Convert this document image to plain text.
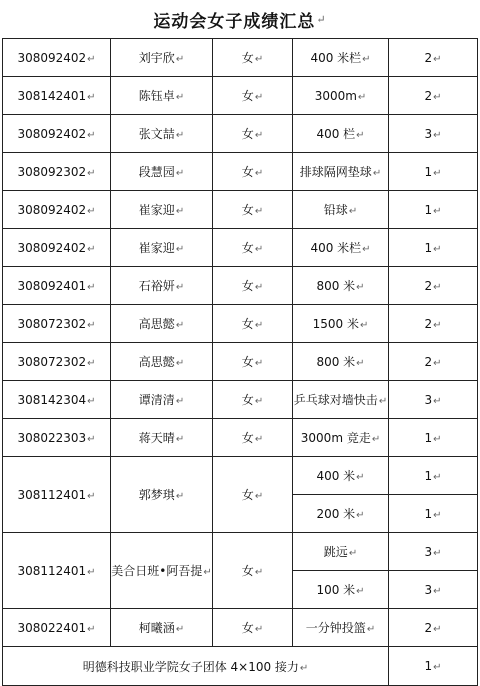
运动会女子成绩汇总 ↵
308092402↵	刘宇欣↵	女↵	400 米栏↵	2↵
308142401↵	陈钰卓↵	女↵	3000m↵	2↵
308092402↵	张文喆↵	女↵	400 栏↵	3↵
308092302↵	段慧园↵	女↵	排球隔网垫球↵	1↵
308092402↵	崔家迎↵	女↵	铅球↵	1↵
308092402↵	崔家迎↵	女↵	400 米栏↵	1↵
308092401↵	石裕妍↵	女↵	800 米↵	2↵
308072302↵	高思懿↵	女↵	1500 米↵	2↵
308072302↵	高思懿↵	女↵	800 米↵	2↵
308142304↵	谭清清↵	女↵	乒乓球对墙快击↵	3↵
308022303↵	蒋天晴↵	女↵	3000m 竞走↵	1↵
308112401↵	郭梦琪↵	女↵	400 米↵	1↵
			200 米↵	1↵
308112401↵	美合日班•阿吾提↵	女↵	跳远↵	3↵
			100 米↵	3↵
308022401↵	柯曦涵↵	女↵	一分钟投篮↵	2↵
明德科技职业学院女子团体 4×100 接力↵				1↵
